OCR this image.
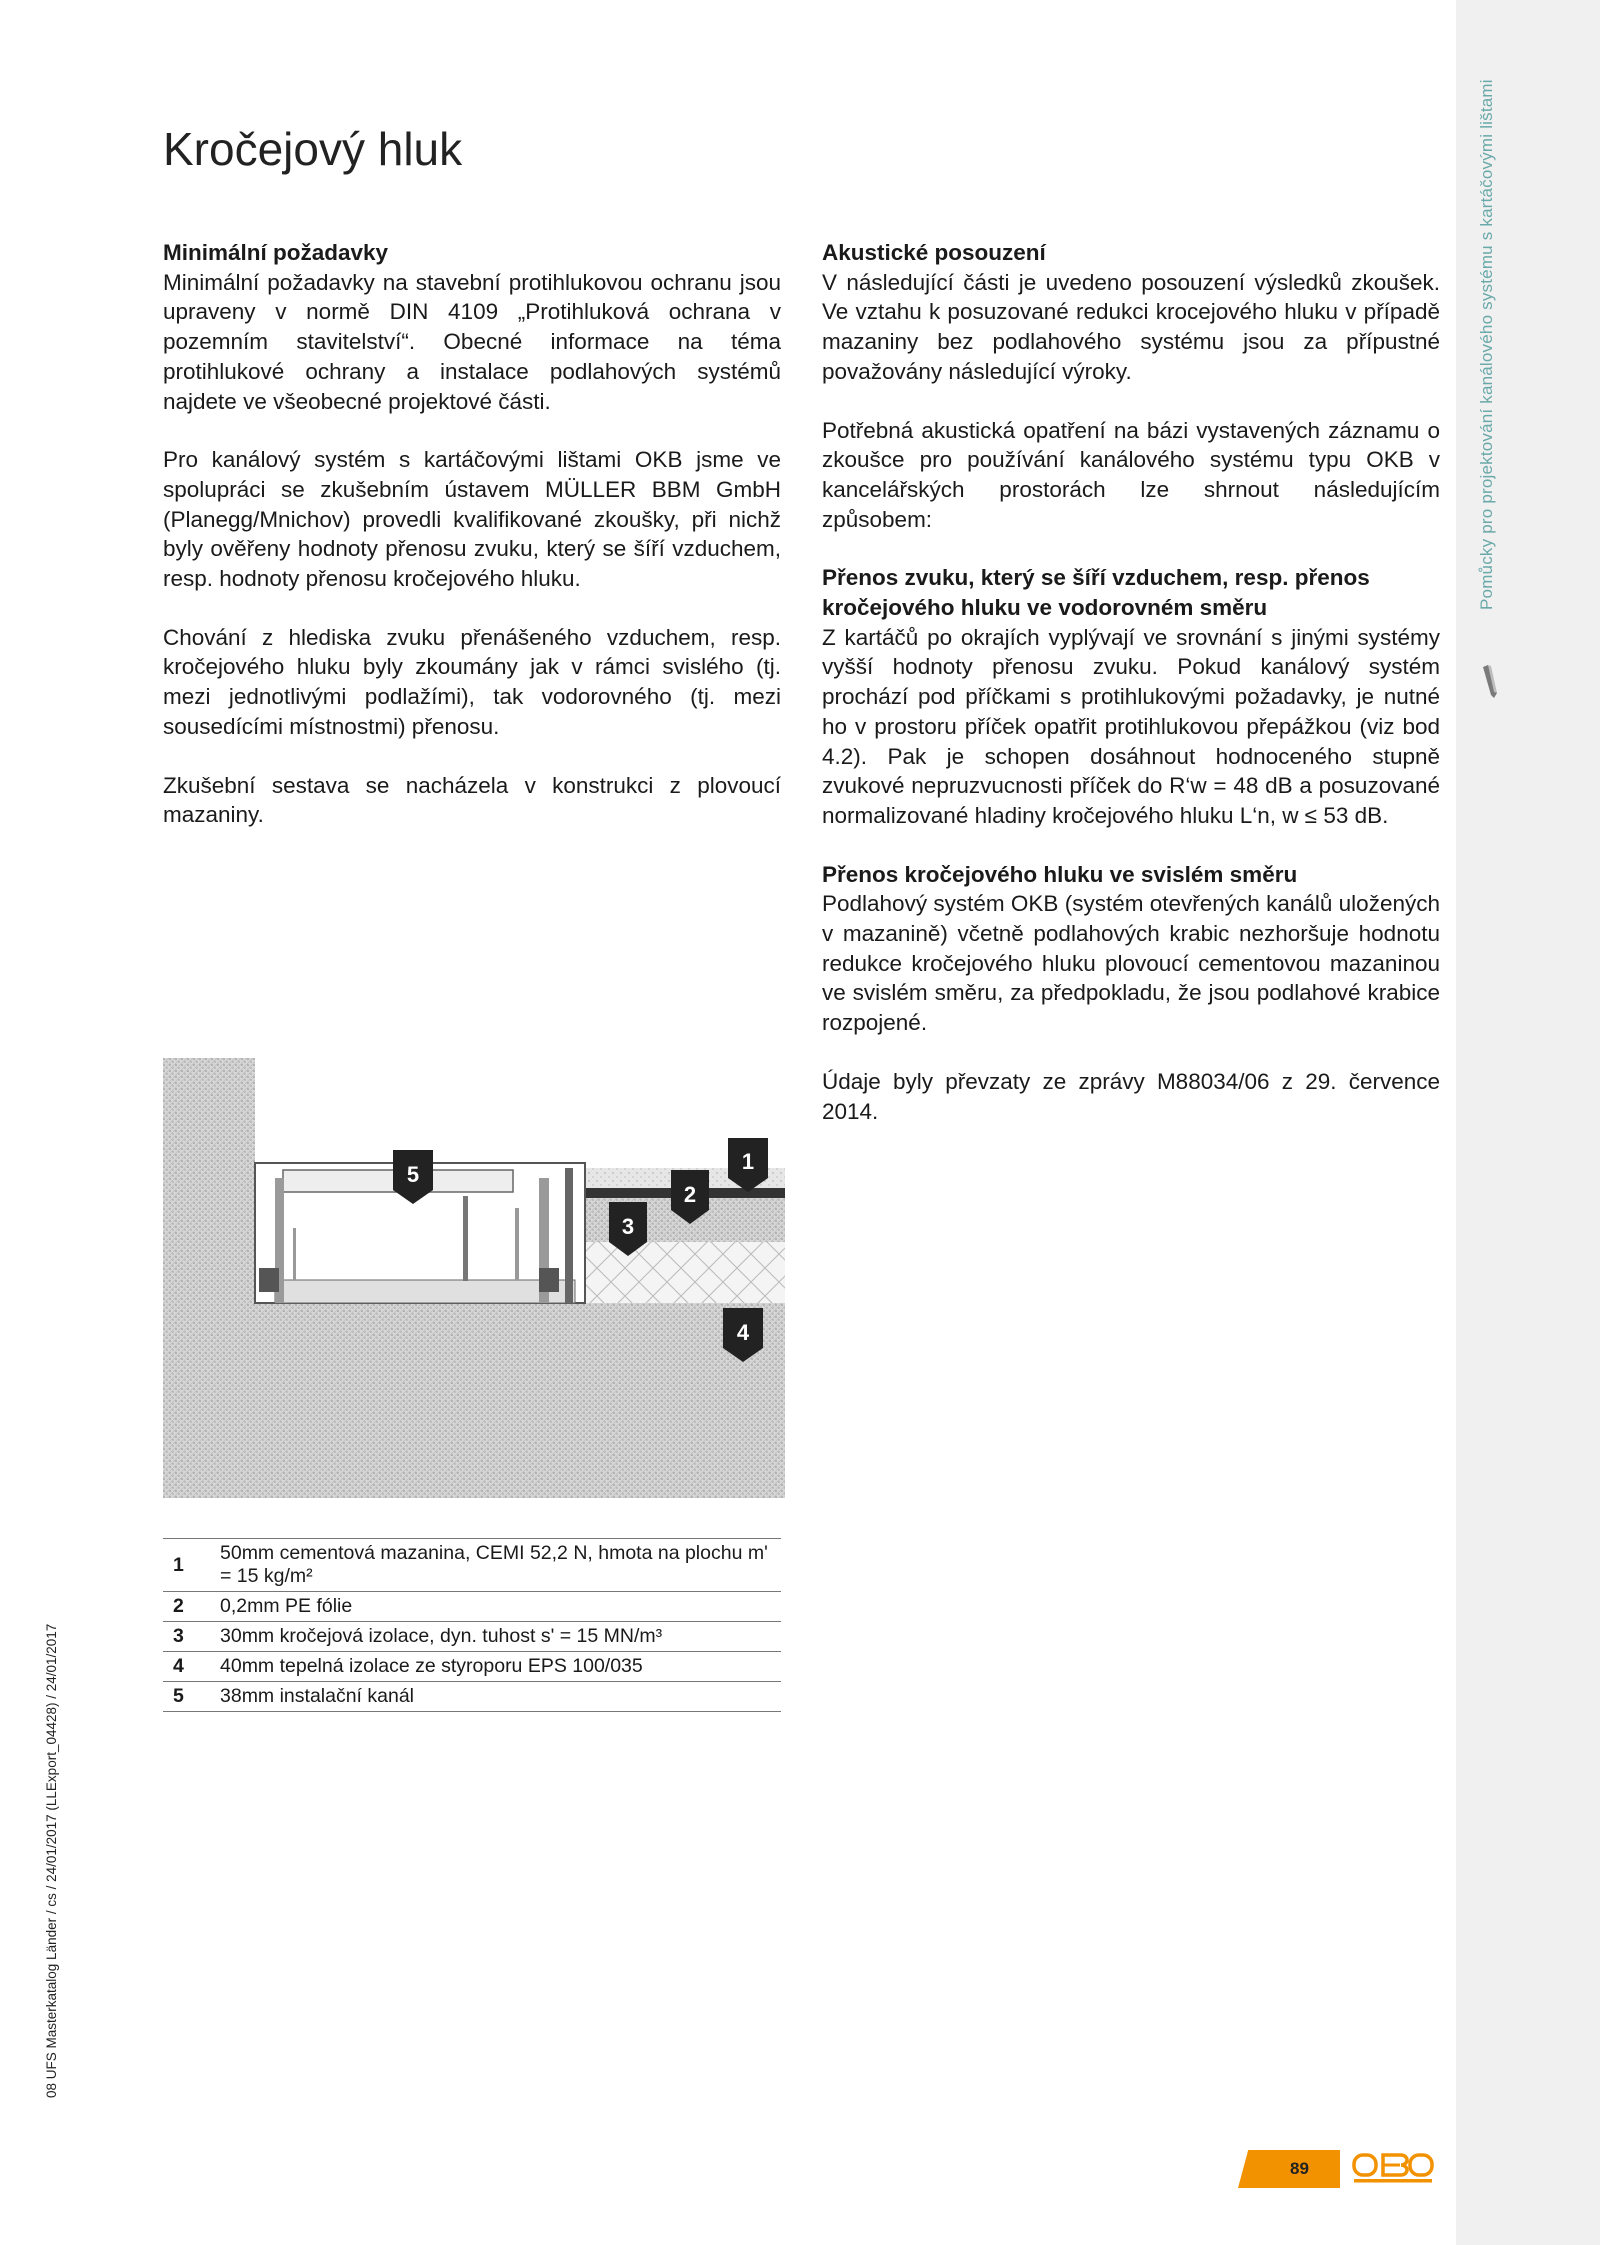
Pomůcky pro projektování kanálového systému s kartáčovými lištami
08 UFS Masterkatalog Länder / cs / 24/01/2017 (LLExport_04428) / 24/01/2017
Kročejový hluk
Minimální požadavky

Minimální požadavky na stavební protihlukovou ochranu jsou upraveny v normě DIN 4109 „Protihluková ochrana v pozemním stavitelství“. Obecné informace na téma protihlukové ochrany a instalace podlahových systémů najdete ve všeobecné projektové části.

Pro kanálový systém s kartáčovými lištami OKB jsme ve spolupráci se zkušebním ústavem MÜLLER BBM GmbH (Planegg/Mnichov) provedli kvalifikované zkoušky, při nichž byly ověřeny hodnoty přenosu zvuku, který se šíří vzduchem, resp. hodnoty přenosu kročejového hluku.

Chování z hlediska zvuku přenášeného vzduchem, resp. kročejového hluku byly zkoumány jak v rámci svislého (tj. mezi jednotlivými podlažími), tak vodorovného (tj. mezi sousedícími místnostmi) přenosu.

Zkušební sestava se nacházela v konstrukci z plovoucí mazaniny.

Akustické posouzení

V následující části je uvedeno posouzení výsledků zkoušek. Ve vztahu k posuzované redukci krocejového hluku v případě mazaniny bez podlahového systému jsou za přípustné považovány následující výroky.

Potřebná akustická opatření na bázi vystavených záznamu o zkoušce pro používání kanálového systému typu OKB v kancelářských prostorách lze shrnout následujícím způsobem:

Přenos zvuku, který se šíří vzduchem, resp. přenos kročejového hluku ve vodorovném směru

Z kartáčů po okrajích vyplývají ve srovnání s jinými systémy vyšší hodnoty přenosu zvuku. Pokud kanálový systém prochází pod příčkami s protihlukovými požadavky, je nutné ho v prostoru příček opatřit protihlukovou přepážkou (viz bod 4.2). Pak je schopen dosáhnout hodnoceného stupně zvukové nepruzvucnosti příček do R‘w = 48 dB a posuzované normalizované hladiny kročejového hluku L‘n, w ≤ 53 dB.

Přenos kročejového hluku ve svislém směru

Podlahový systém OKB (systém otevřených kanálů uložených v mazanině) včetně podlahových krabic nezhoršuje hodnotu redukce kročejového hluku plovoucí cementovou mazaninou ve svislém směru, za předpokladu, že jsou podlahové krabice rozpojené.

Údaje byly převzaty ze zprávy M88034/06 z 29. července 2014.

1
2
3
4
5
1	50mm cementová mazanina, CEMI 52,2 N, hmota na plochu m' = 15 kg/m²
2	0,2mm PE fólie
3	30mm kročejová izolace, dyn. tuhost s' = 15 MN/m³
4	40mm tepelná izolace ze styroporu EPS 100/035
5	38mm instalační kanál
89
